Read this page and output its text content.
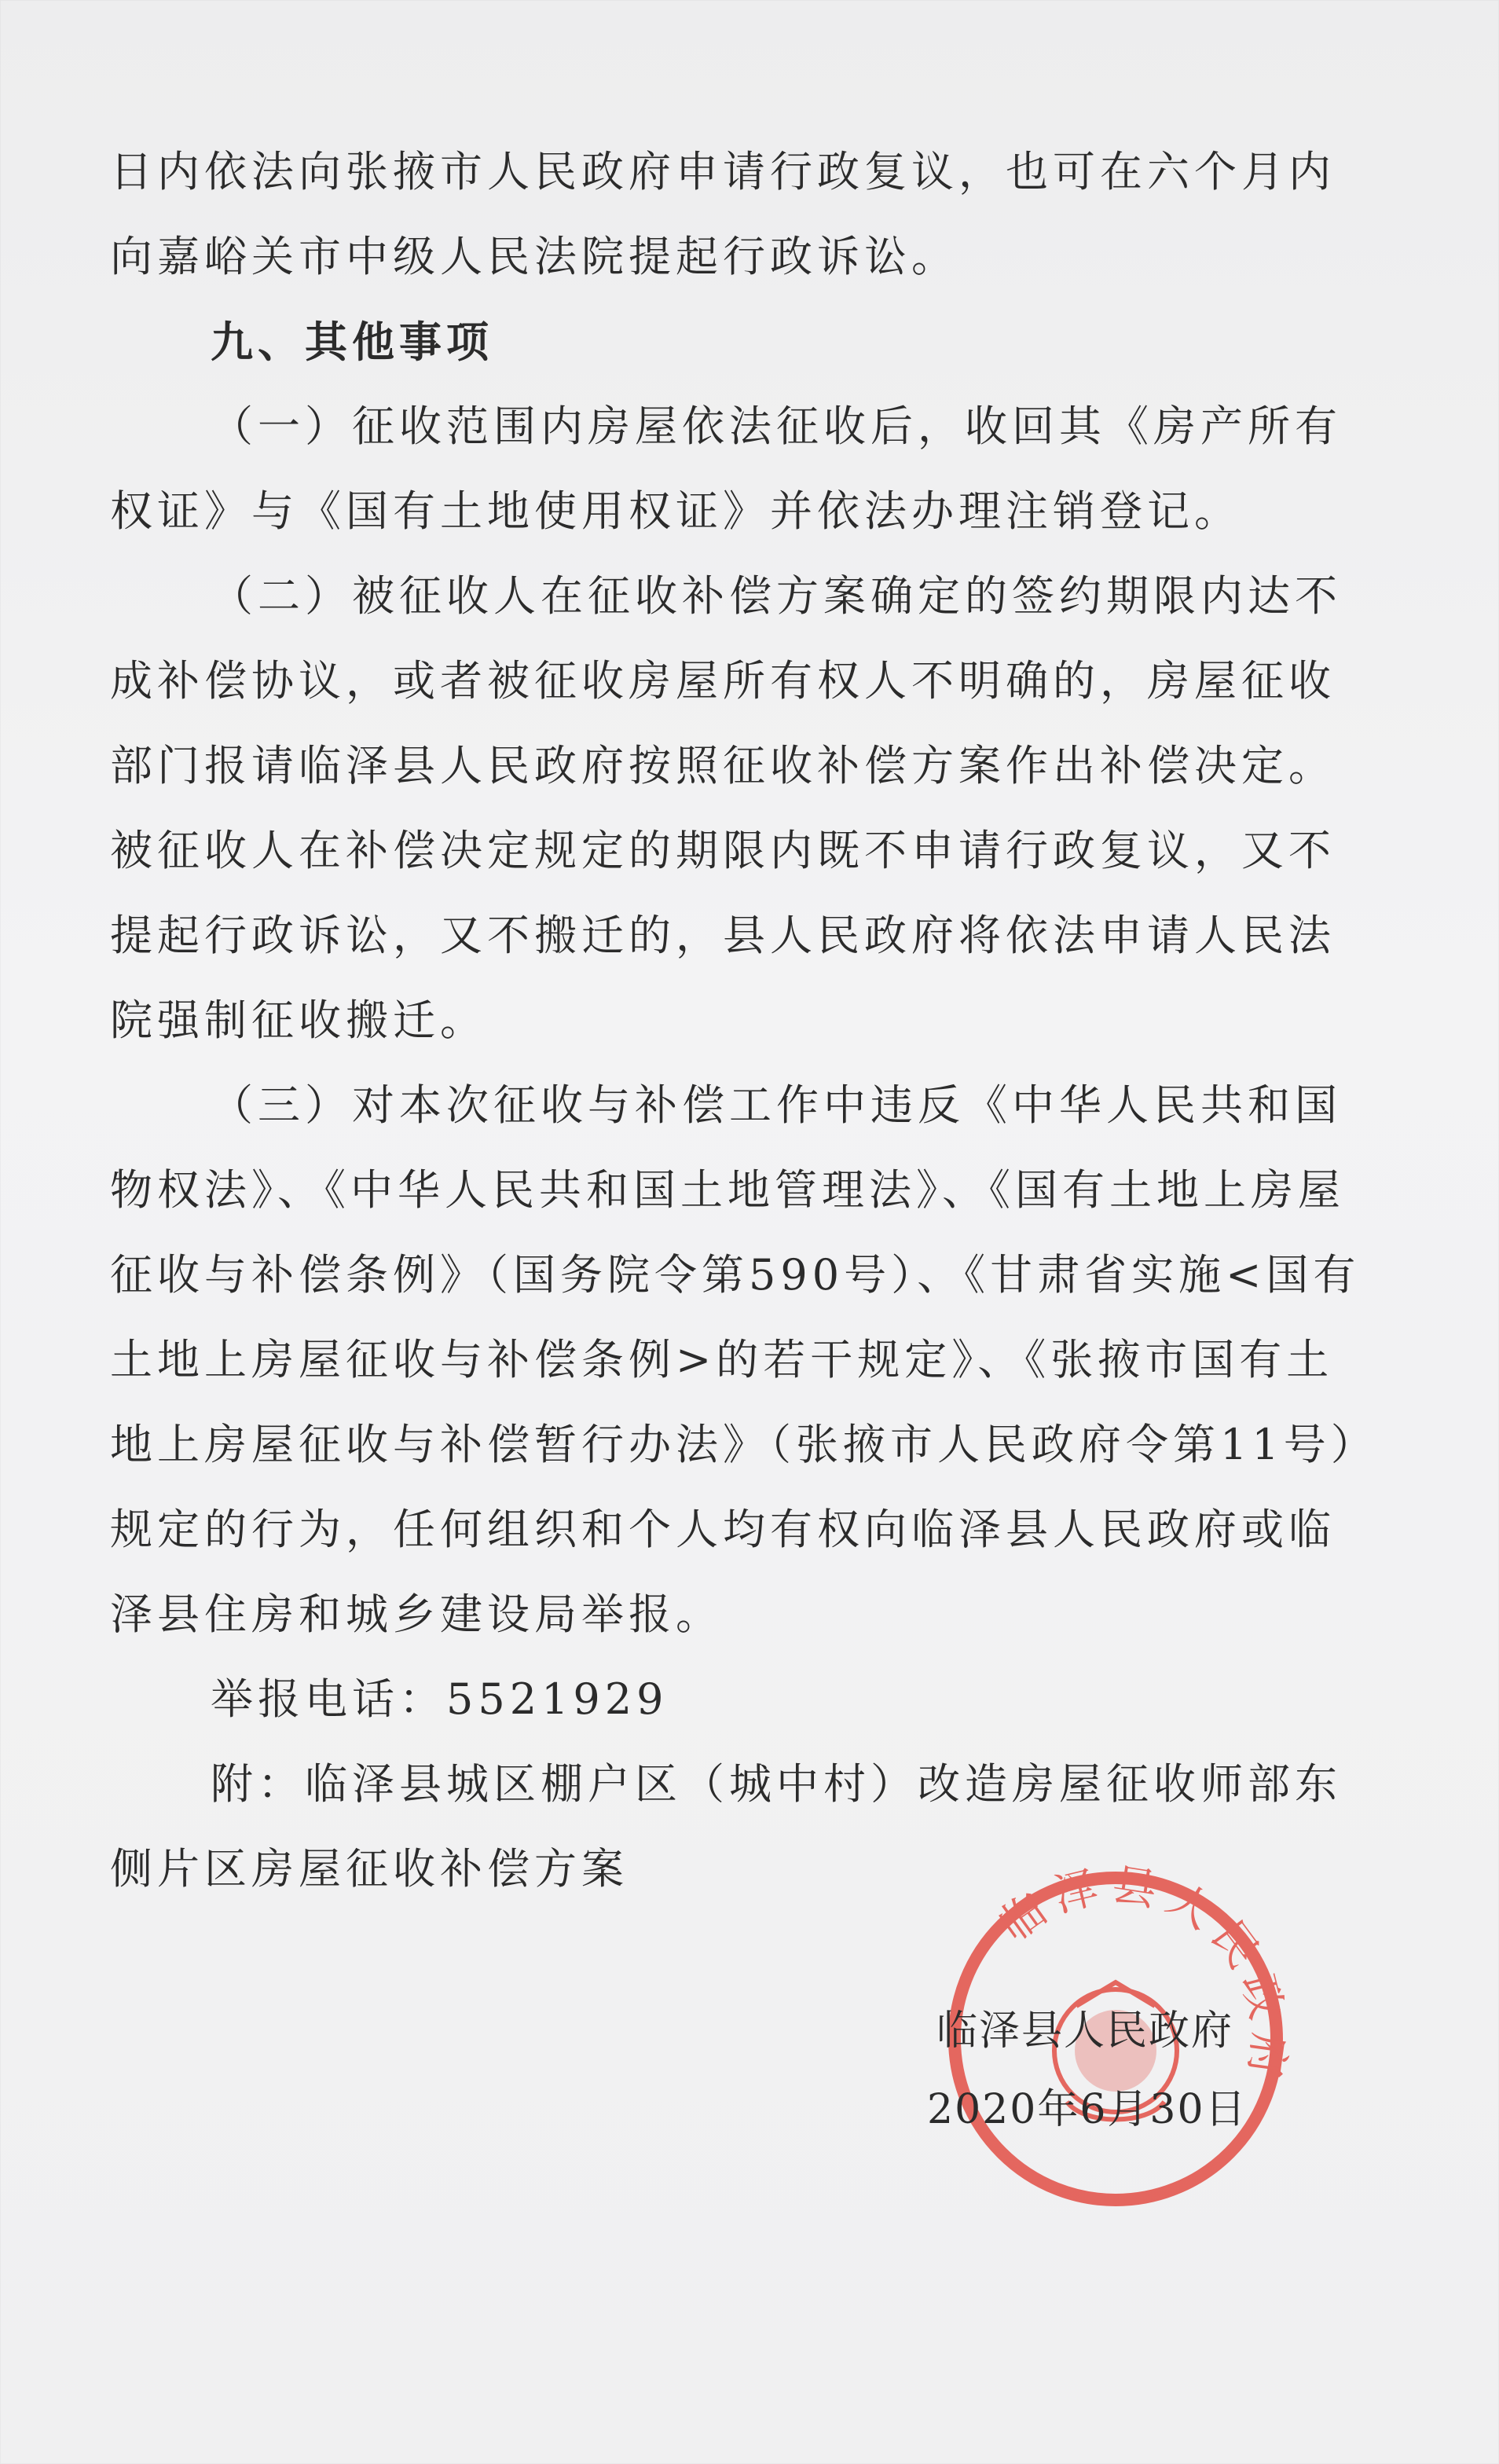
日内依法向张掖市人民政府申请行政复议，也可在六个月内
向嘉峪关市中级人民法院提起行政诉讼。
九、其他事项
（一）征收范围内房屋依法征收后，收回其《房产所有
权证》与《国有土地使用权证》并依法办理注销登记。
（二）被征收人在征收补偿方案确定的签约期限内达不
成补偿协议，或者被征收房屋所有权人不明确的，房屋征收
部门报请临泽县人民政府按照征收补偿方案作出补偿决定。
被征收人在补偿决定规定的期限内既不申请行政复议，又不
提起行政诉讼，又不搬迁的，县人民政府将依法申请人民法
院强制征收搬迁。
（三）对本次征收与补偿工作中违反《中华人民共和国
物权法》、《中华人民共和国土地管理法》、《国有土地上房屋
征收与补偿条例》（国务院令第590号）、《甘肃省实施<国有
土地上房屋征收与补偿条例>的若干规定》、《张掖市国有土
地上房屋征收与补偿暂行办法》（张掖市人民政府令第11号）
规定的行为，任何组织和个人均有权向临泽县人民政府或临
泽县住房和城乡建设局举报。
举报电话：5521929
附：临泽县城区棚户区（城中村）改造房屋征收师部东
侧片区房屋征收补偿方案
临泽县人民政府
临泽县人民政府
2020年6月30日
